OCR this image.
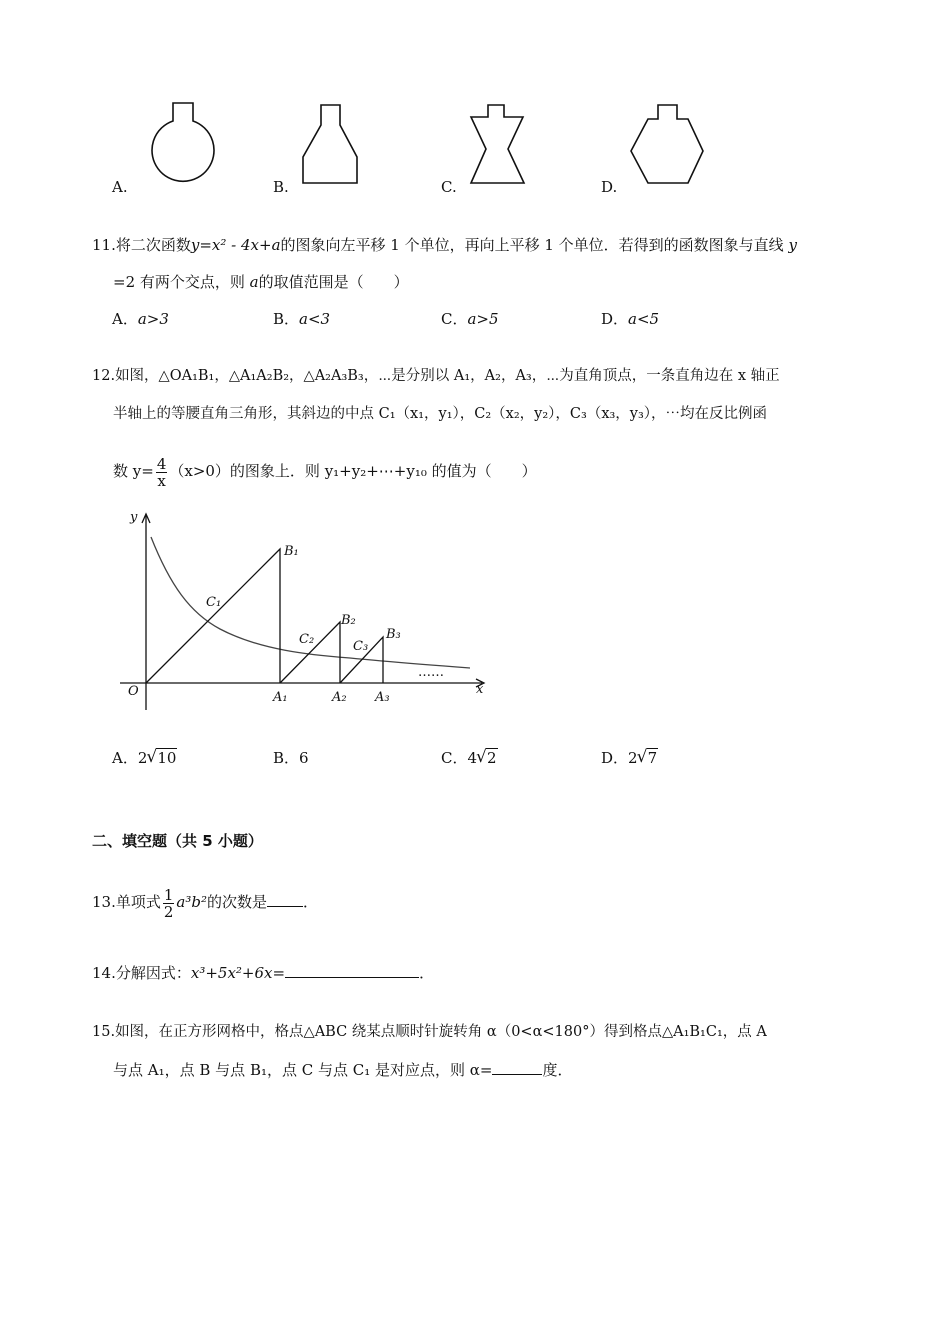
A.	B.	C.	D.
11.将二次函数y=x² - 4x+a的图象向左平移 1 个单位，再向上平移 1 个单位．若得到的函数图象与直线 y
=2 有两个交点，则 a的取值范围是（　　）
A．a>3	B．a<3	C．a>5	D．a<5
12.如图，△OA₁B₁，△A₁A₂B₂，△A₂A₃B₃，⋯是分别以 A₁，A₂，A₃，⋯为直角顶点，一条直角边在 x 轴正
半轴上的等腰直角三角形，其斜边的中点 C₁（x₁，y₁），C₂（x₂，y₂），C₃（x₃，y₃），⋯均在反比例函
数 $y= \frac{4}{x} (x>0)$的图象上．则 y₁+y₂+⋯+y₁₀ 的值为（　　）
y
x
O
B₁
B₂
B₃
C₁
C₂	C₃
A₁	A₂ A₃
……
A．2 √ 10	B．6	C．4 √ 2	D．2 √ 7
二、填空题（共 5 小题）
13.单项式 $\frac{1}{2} a^3b^2$的次数是 ．
14.分解因式：x³+5x²+6x=	．
15.如图，在正方形网格中，格点△ABC 绕某点顺时针旋转角 α（0<α<180°）得到格点△A₁B₁C₁，点 A
与点 A₁，点 B 与点 B₁，点 C 与点 C₁ 是对应点，则 α=	度．
